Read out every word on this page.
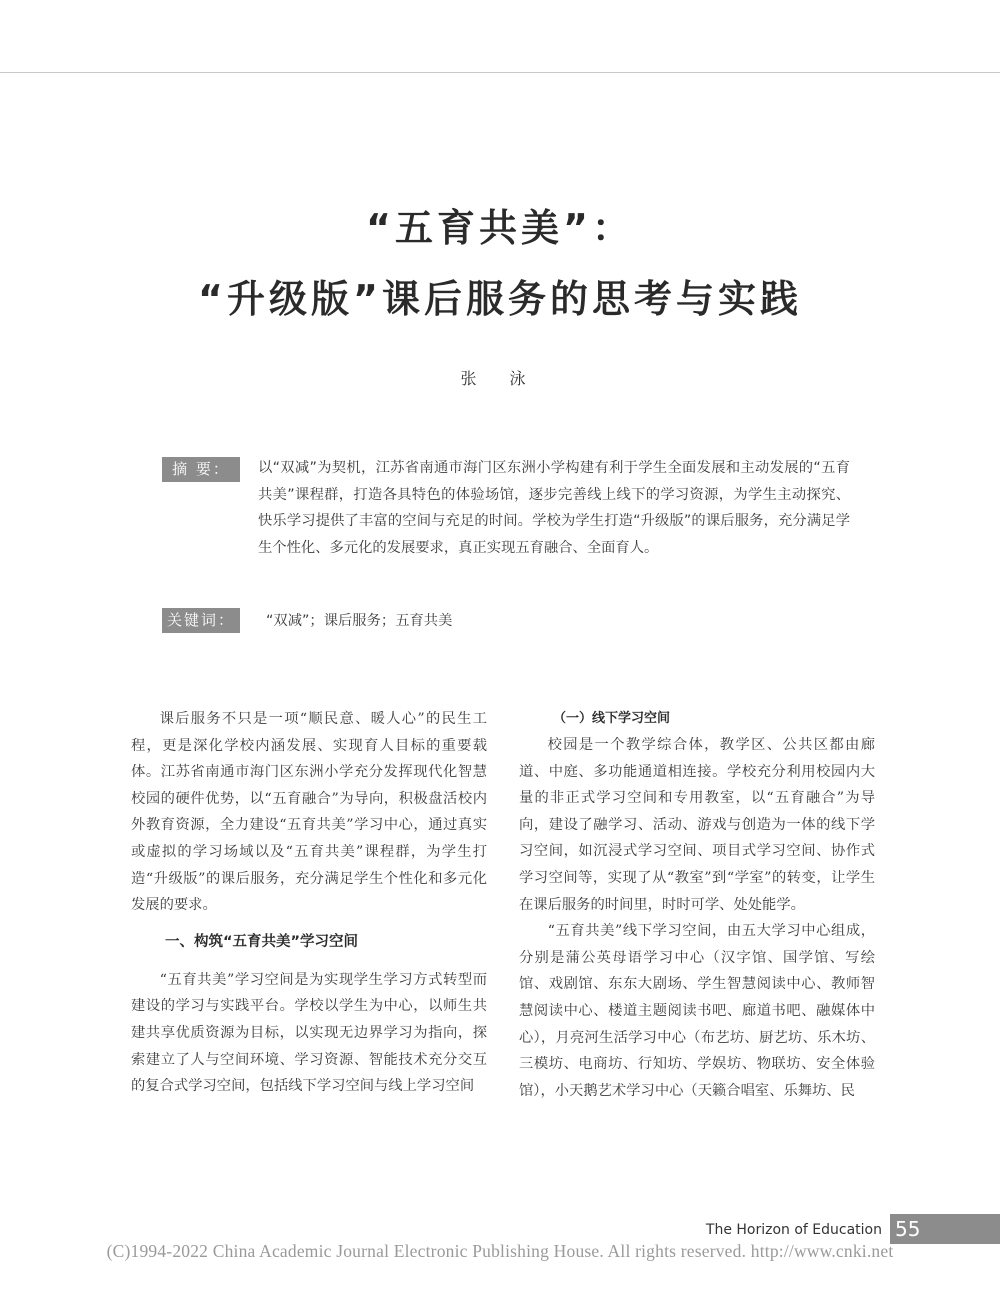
“五育共美”：
“升级版”课后服务的思考与实践
张 泳
摘 要：	以“双减”为契机，江苏省南通市海门区东洲小学构建有利于学生全面发展和主动发展的“五育共美”课程群，打造各具特色的体验场馆，逐步完善线上线下的学习资源，为学生主动探究、快乐学习提供了丰富的空间与充足的时间。学校为学生打造“升级版”的课后服务，充分满足学生个性化、多元化的发展要求，真正实现五育融合、全面育人。
关键词：	“双减”；课后服务；五育共美

课后服务不只是一项“顺民意、暖人心”的民生工程，更是深化学校内涵发展、实现育人目标的重要载体。江苏省南通市海门区东洲小学充分发挥现代化智慧校园的硬件优势，以“五育融合”为导向，积极盘活校内外教育资源，全力建设“五育共美”学习中心，通过真实或虚拟的学习场域以及“五育共美”课程群，为学生打造“升级版”的课后服务，充分满足学生个性化和多元化发展的要求。

一、构筑“五育共美”学习空间

“五育共美”学习空间是为实现学生学习方式转型而建设的学习与实践平台。学校以学生为中心，以师生共建共享优质资源为目标，以实现无边界学习为指向，探索建立了人与空间环境、学习资源、智能技术充分交互的复合式学习空间，包括线下学习空间与线上学习空间

（一）线下学习空间

校园是一个教学综合体，教学区、公共区都由廊道、中庭、多功能通道相连接。学校充分利用校园内大量的非正式学习空间和专用教室，以“五育融合”为导向，建设了融学习、活动、游戏与创造为一体的线下学习空间，如沉浸式学习空间、项目式学习空间、协作式学习空间等，实现了从“教室”到“学室”的转变，让学生在课后服务的时间里，时时可学、处处能学。

“五育共美”线下学习空间，由五大学习中心组成，分别是蒲公英母语学习中心（汉字馆、国学馆、写绘馆、戏剧馆、东东大剧场、学生智慧阅读中心、教师智慧阅读中心、楼道主题阅读书吧、廊道书吧、融媒体中心），月亮河生活学习中心（布艺坊、厨艺坊、乐木坊、三模坊、电商坊、行知坊、学娱坊、物联坊、安全体验馆），小天鹅艺术学习中心（天籁合唱室、乐舞坊、民

The Horizon of Education 55
(C)1994-2022 China Academic Journal Electronic Publishing House. All rights reserved. http://www.cnki.net
